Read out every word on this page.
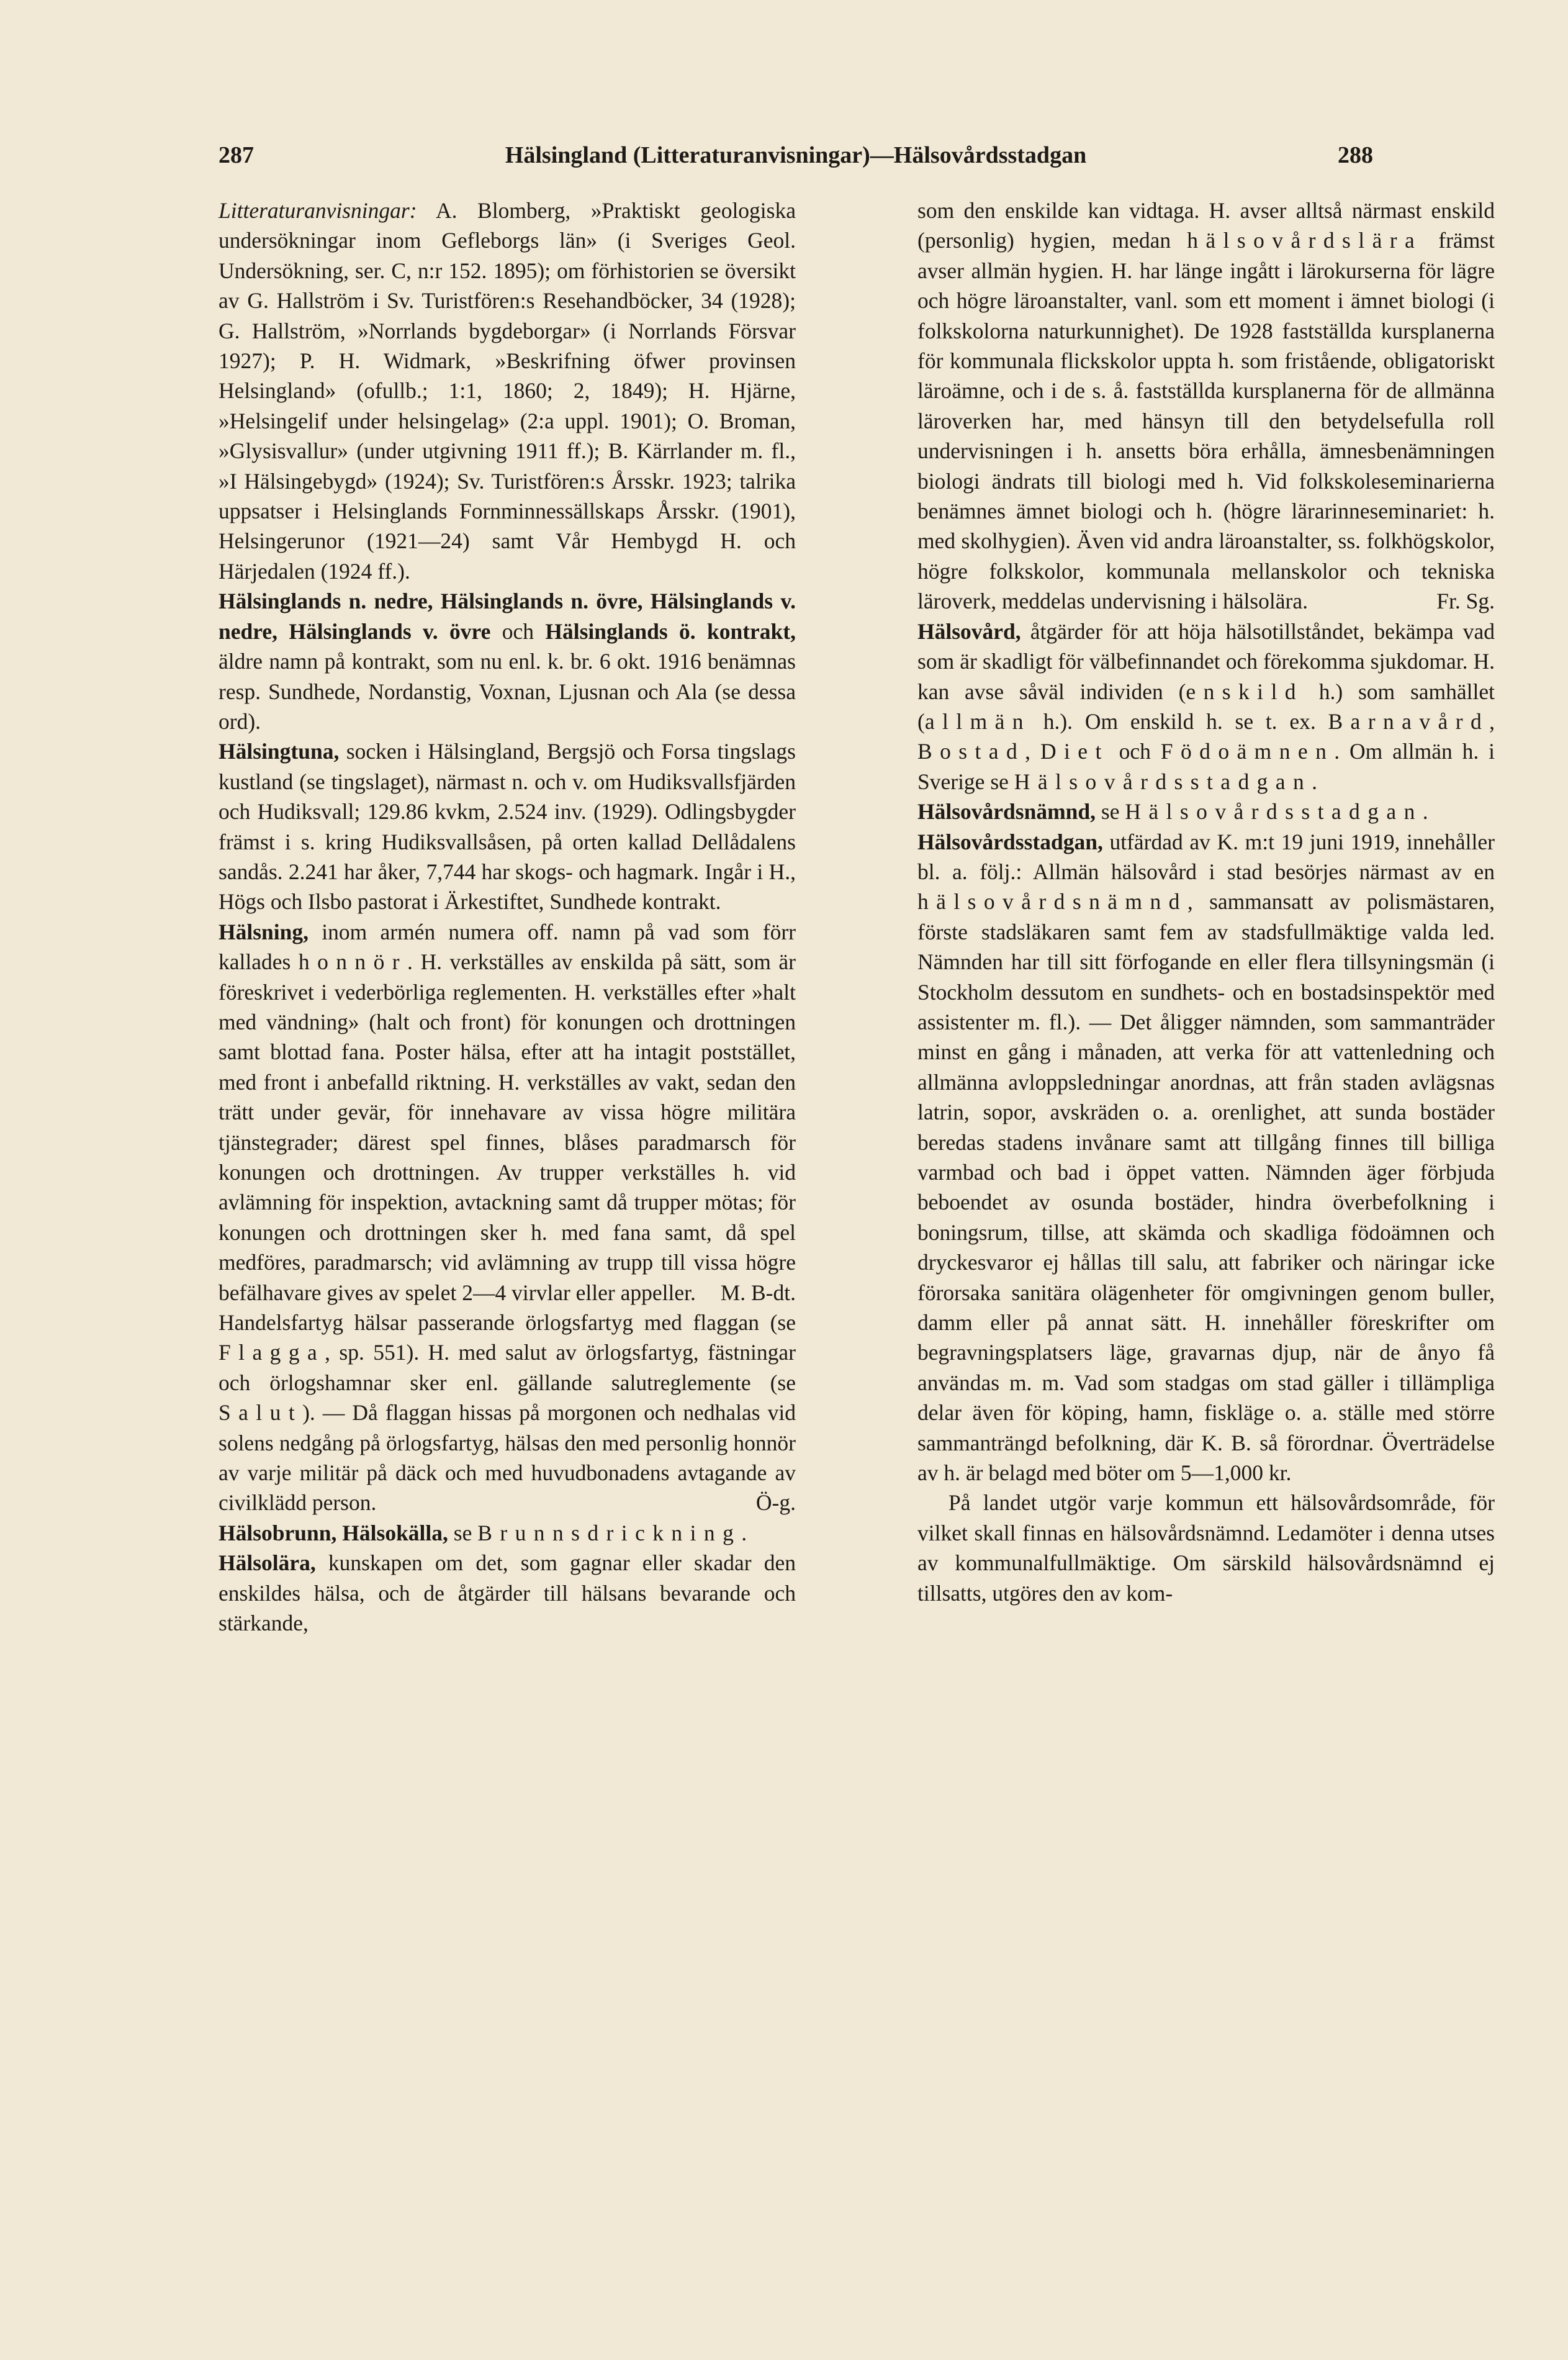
287	Hälsingland (Litteraturanvisningar)—Hälsovårdsstadgan	288

Litteraturanvisningar: A. Blomberg, »Praktiskt geologiska undersökningar inom Gefleborgs län» (i Sveriges Geol. Undersökning, ser. C, n:r 152. 1895); om förhistorien se översikt av G. Hallström i Sv. Turistfören:s Resehandböcker, 34 (1928); G. Hallström, »Norrlands bygdeborgar» (i Norrlands Försvar 1927); P. H. Widmark, »Beskrifning öfwer provinsen Helsingland» (ofullb.; 1:1, 1860; 2, 1849); H. Hjärne, »Helsingelif under helsingelag» (2:a uppl. 1901); O. Broman, »Glysisvallur» (under utgivning 1911 ff.); B. Kärrlander m. fl., »I Hälsingebygd» (1924); Sv. Turistfören:s Årsskr. 1923; talrika uppsatser i Helsinglands Fornminnessällskaps Årsskr. (1901), Helsingerunor (1921—24) samt Vår Hembygd H. och Härjedalen (1924 ff.).

Hälsinglands n. nedre, Hälsinglands n. övre, Hälsinglands v. nedre, Hälsinglands v. övre och Hälsinglands ö. kontrakt, äldre namn på kontrakt, som nu enl. k. br. 6 okt. 1916 benämnas resp. Sundhede, Nordanstig, Voxnan, Ljusnan och Ala (se dessa ord).

Hälsingtuna, socken i Hälsingland, Bergsjö och Forsa tingslags kustland (se tingslaget), närmast n. och v. om Hudiksvallsfjärden och Hudiksvall; 129.86 kvkm, 2.524 inv. (1929). Odlingsbygder främst i s. kring Hudiksvallsåsen, på orten kallad Dellådalens sandås. 2.241 har åker, 7,744 har skogs- och hagmark. Ingår i H., Högs och Ilsbo pastorat i Ärkestiftet, Sundhede kontrakt.

Hälsning, inom armén numera off. namn på vad som förr kallades honnör. H. verkställes av enskilda på sätt, som är föreskrivet i vederbörliga reglementen. H. verkställes efter »halt med vändning» (halt och front) för konungen och drottningen samt blottad fana. Poster hälsa, efter att ha intagit poststället, med front i anbefalld riktning. H. verkställes av vakt, sedan den trätt under gevär, för innehavare av vissa högre militära tjänstegrader; därest spel finnes, blåses paradmarsch för konungen och drottningen. Av trupper verkställes h. vid avlämning för inspektion, avtackning samt då trupper mötas; för konungen och drottningen sker h. med fana samt, då spel medföres, paradmarsch; vid avlämning av trupp till vissa högre befälhavare gives av spelet 2—4 virvlar eller appeller. M. B-dt.

Handelsfartyg hälsar passerande örlogsfartyg med flaggan (se Flagga, sp. 551). H. med salut av örlogsfartyg, fästningar och örlogshamnar sker enl. gällande salutreglemente (se Salut). — Då flaggan hissas på morgonen och nedhalas vid solens nedgång på örlogsfartyg, hälsas den med personlig honnör av varje militär på däck och med huvudbonadens avtagande av civilklädd person.	Ö-g.

Hälsobrunn, Hälsokälla, se Brunnsdrickning.

Hälsolära, kunskapen om det, som gagnar eller skadar den enskildes hälsa, och de åtgärder till hälsans bevarande och stärkande,

som den enskilde kan vidtaga. H. avser alltså närmast enskild (personlig) hygien, medan hälsovårdslära främst avser allmän hygien. H. har länge ingått i lärokurserna för lägre och högre läroanstalter, vanl. som ett moment i ämnet biologi (i folkskolorna naturkunnighet). De 1928 fastställda kursplanerna för kommunala flickskolor uppta h. som fristående, obligatoriskt läroämne, och i de s. å. fastställda kursplanerna för de allmänna läroverken har, med hänsyn till den betydelsefulla roll undervisningen i h. ansetts böra erhålla, ämnesbenämningen biologi ändrats till biologi med h. Vid folkskoleseminarierna benämnes ämnet biologi och h. (högre lärarinneseminariet: h. med skolhygien). Även vid andra läroanstalter, ss. folkhögskolor, högre folkskolor, kommunala mellanskolor och tekniska läroverk, meddelas undervisning i hälsolära.	Fr. Sg.

Hälsovård, åtgärder för att höja hälsotillståndet, bekämpa vad som är skadligt för välbefinnandet och förekomma sjukdomar. H. kan avse såväl individen (enskild h.) som samhället (allmän h.). Om enskild h. se t. ex. Barnavård, Bostad, Diet och Födoämnen. Om allmän h. i Sverige se Hälsovårdsstadgan.

Hälsovårdsnämnd, se Hälsovårdsstadgan.

Hälsovårdsstadgan, utfärdad av K. m:t 19 juni 1919, innehåller bl. a. följ.: Allmän hälsovård i stad besörjes närmast av en hälsovårdsnämnd, sammansatt av polismästaren, förste stadsläkaren samt fem av stadsfullmäktige valda led. Nämnden har till sitt förfogande en eller flera tillsyningsmän (i Stockholm dessutom en sundhets- och en bostadsinspektör med assistenter m. fl.). — Det åligger nämnden, som sammanträder minst en gång i månaden, att verka för att vattenledning och allmänna avloppsledningar anordnas, att från staden avlägsnas latrin, sopor, avskräden o. a. orenlighet, att sunda bostäder beredas stadens invånare samt att tillgång finnes till billiga varmbad och bad i öppet vatten. Nämnden äger förbjuda beboendet av osunda bostäder, hindra överbefolkning i boningsrum, tillse, att skämda och skadliga födoämnen och dryckesvaror ej hållas till salu, att fabriker och näringar icke förorsaka sanitära olägenheter för omgivningen genom buller, damm eller på annat sätt. H. innehåller föreskrifter om begravningsplatsers läge, gravarnas djup, när de ånyo få användas m. m. Vad som stadgas om stad gäller i tillämpliga delar även för köping, hamn, fiskläge o. a. ställe med större sammanträngd befolkning, där K. B. så förordnar. Överträdelse av h. är belagd med böter om 5—1,000 kr.

På landet utgör varje kommun ett hälsovårdsområde, för vilket skall finnas en hälsovårdsnämnd. Ledamöter i denna utses av kommunalfullmäktige. Om särskild hälsovårdsnämnd ej tillsatts, utgöres den av kom-
